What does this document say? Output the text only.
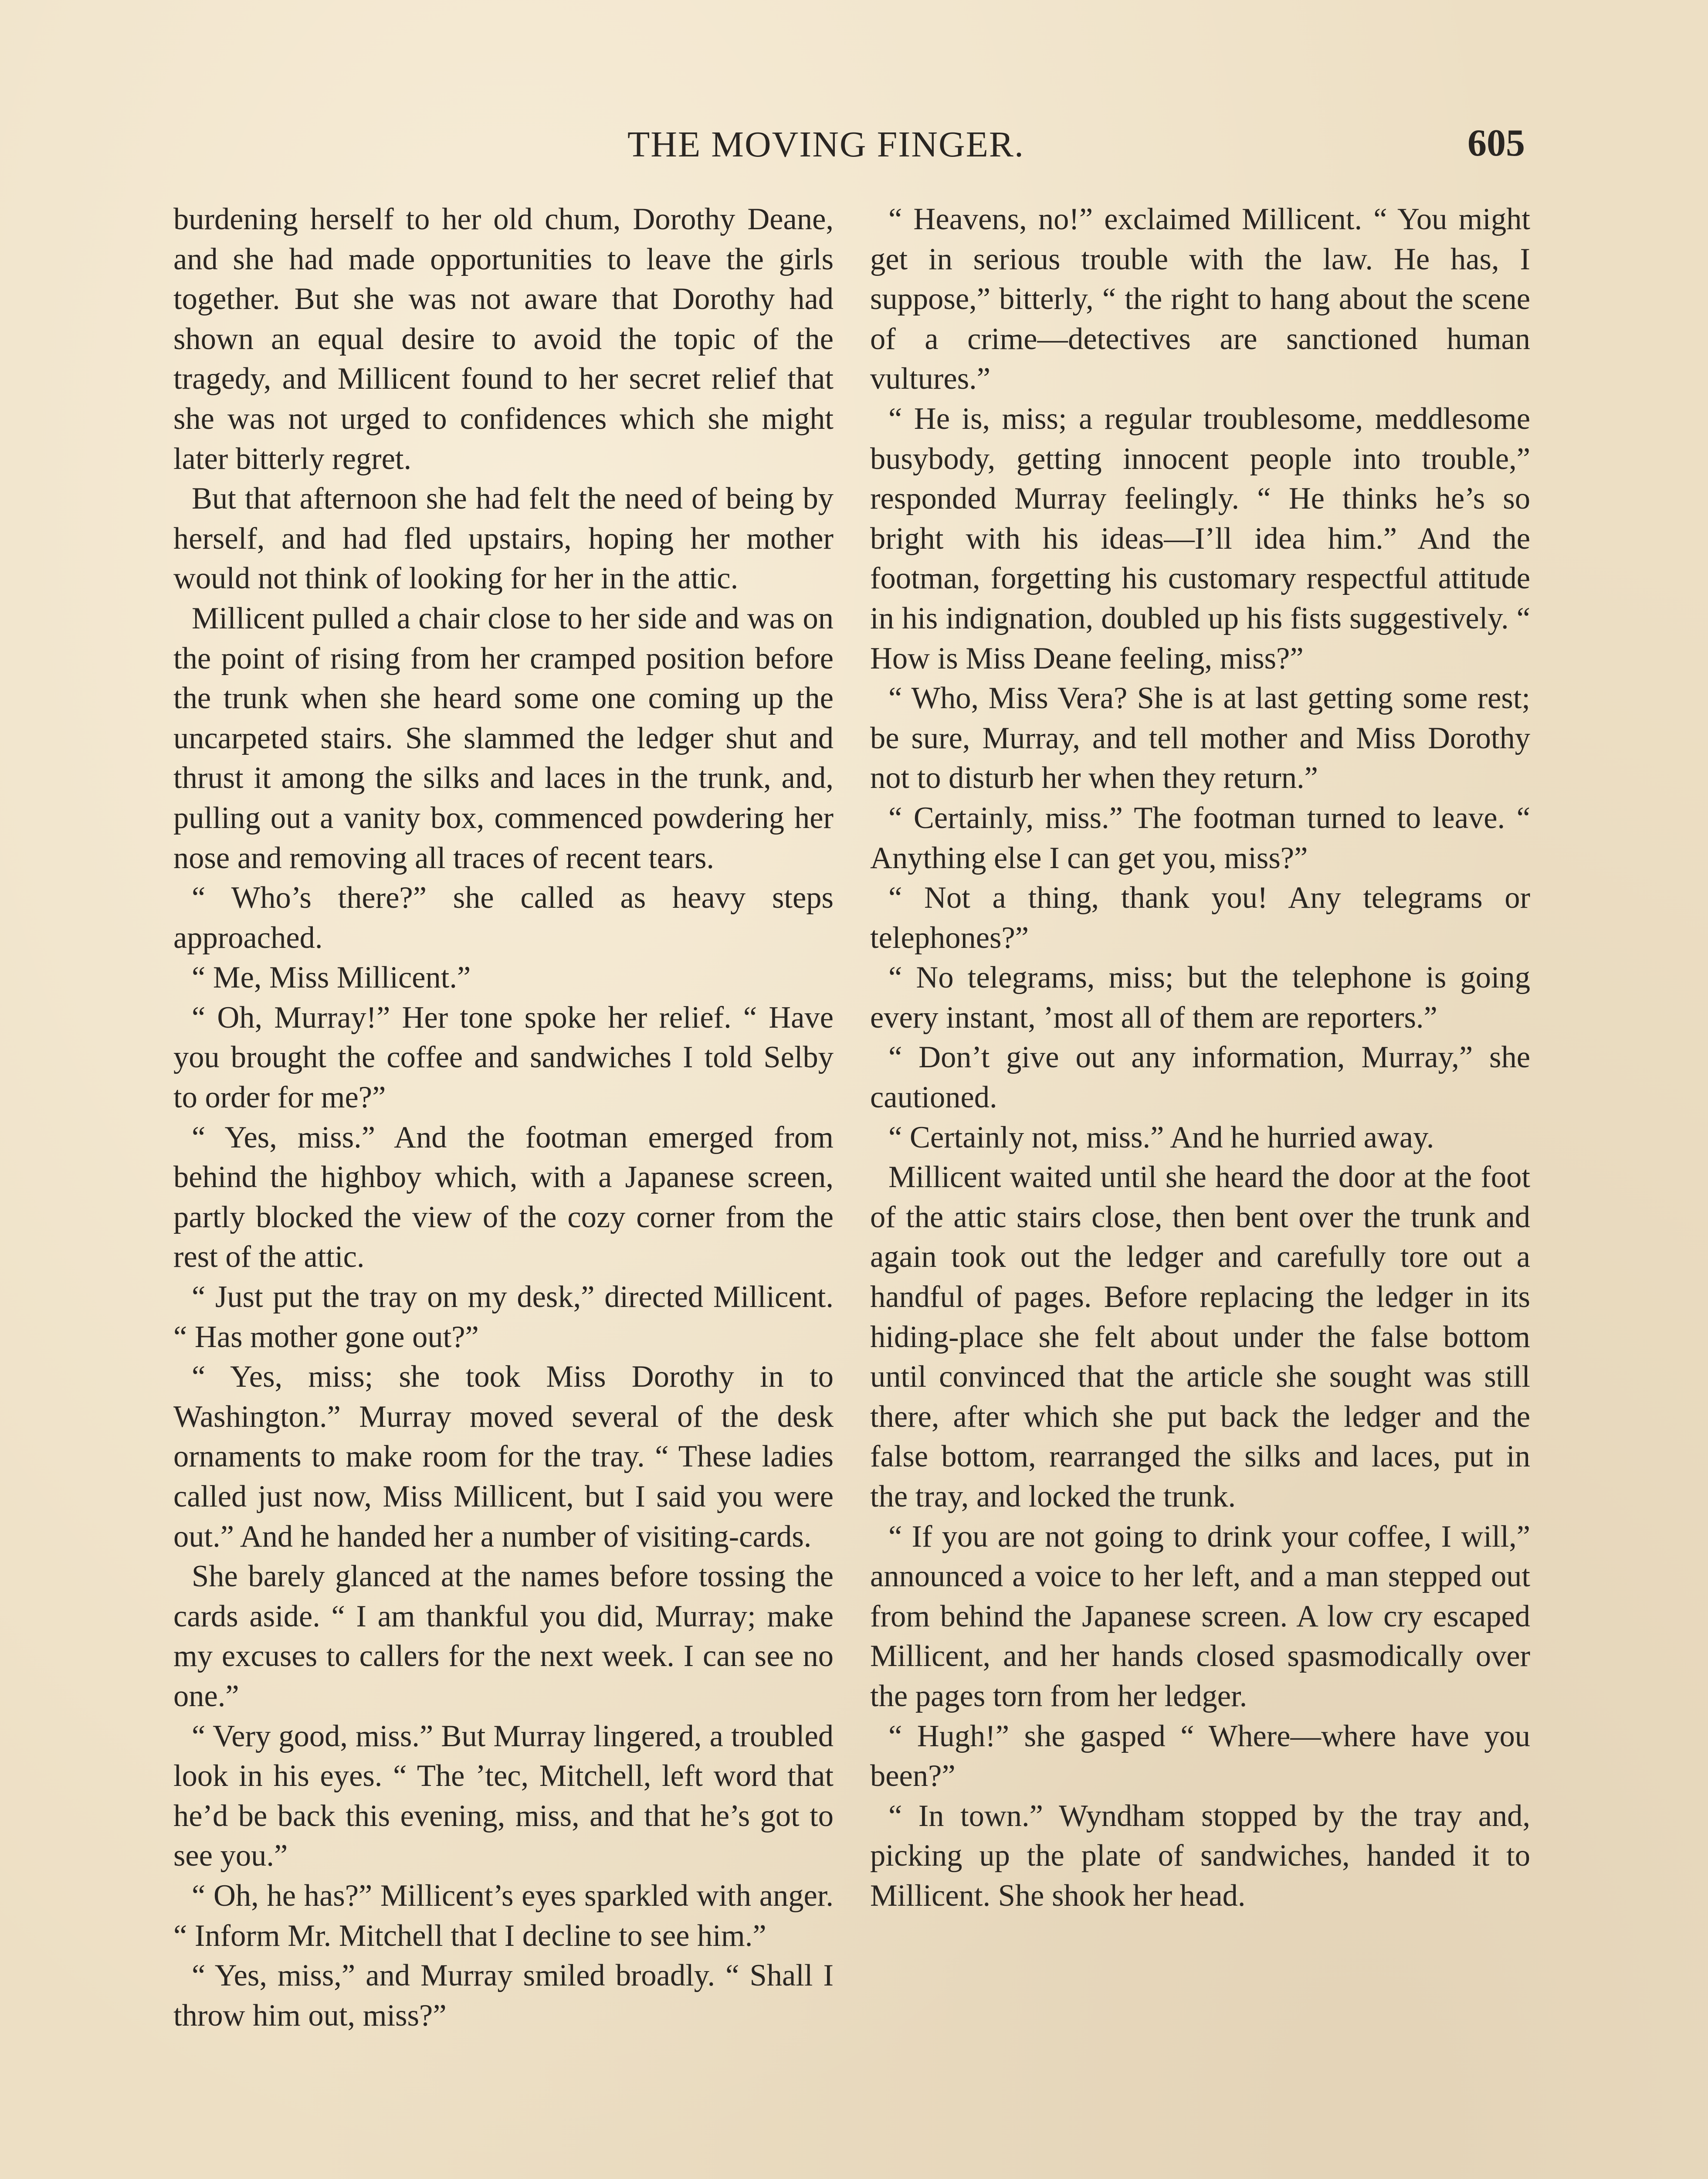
THE MOVING FINGER.	605

burdening herself to her old chum, Dorothy Deane, and she had made opportunities to leave the girls together. But she was not aware that Dorothy had shown an equal desire to avoid the topic of the tragedy, and Millicent found to her secret relief that she was not urged to confidences which she might later bitterly regret.

But that afternoon she had felt the need of being by herself, and had fled upstairs, hoping her mother would not think of looking for her in the attic.

Millicent pulled a chair close to her side and was on the point of rising from her cramped position before the trunk when she heard some one coming up the uncarpeted stairs. She slammed the ledger shut and thrust it among the silks and laces in the trunk, and, pulling out a vanity box, commenced powdering her nose and removing all traces of recent tears.

“ Who’s there?” she called as heavy steps approached.

“ Me, Miss Millicent.”

“ Oh, Murray!” Her tone spoke her relief. “ Have you brought the coffee and sandwiches I told Selby to order for me?”

“ Yes, miss.” And the footman emerged from behind the highboy which, with a Japanese screen, partly blocked the view of the cozy corner from the rest of the attic.

“ Just put the tray on my desk,” directed Millicent. “ Has mother gone out?”

“ Yes, miss; she took Miss Dorothy in to Washington.” Murray moved several of the desk ornaments to make room for the tray. “ These ladies called just now, Miss Millicent, but I said you were out.” And he handed her a number of visiting-cards.

She barely glanced at the names before tossing the cards aside. “ I am thankful you did, Murray; make my excuses to callers for the next week. I can see no one.”

“ Very good, miss.” But Murray lingered, a troubled look in his eyes. “ The ’tec, Mitchell, left word that he’d be back this evening, miss, and that he’s got to see you.”

“ Oh, he has?” Millicent’s eyes sparkled with anger. “ Inform Mr. Mitchell that I decline to see him.”

“ Yes, miss,” and Murray smiled broadly. “ Shall I throw him out, miss?”

“ Heavens, no!” exclaimed Millicent. “ You might get in serious trouble with the law. He has, I suppose,” bitterly, “ the right to hang about the scene of a crime—detectives are sanctioned human vultures.”

“ He is, miss; a regular troublesome, meddlesome busybody, getting innocent people into trouble,” responded Murray feelingly. “ He thinks he’s so bright with his ideas—I’ll idea him.” And the footman, forgetting his customary respectful attitude in his indignation, doubled up his fists suggestively. “ How is Miss Deane feeling, miss?”

“ Who, Miss Vera? She is at last getting some rest; be sure, Murray, and tell mother and Miss Dorothy not to disturb her when they return.”

“ Certainly, miss.” The footman turned to leave. “ Anything else I can get you, miss?”

“ Not a thing, thank you! Any telegrams or telephones?”

“ No telegrams, miss; but the telephone is going every instant, ’most all of them are reporters.”

“ Don’t give out any information, Murray,” she cautioned.

“ Certainly not, miss.” And he hurried away.

Millicent waited until she heard the door at the foot of the attic stairs close, then bent over the trunk and again took out the ledger and carefully tore out a handful of pages. Before replacing the ledger in its hiding-place she felt about under the false bottom until convinced that the article she sought was still there, after which she put back the ledger and the false bottom, rearranged the silks and laces, put in the tray, and locked the trunk.

“ If you are not going to drink your coffee, I will,” announced a voice to her left, and a man stepped out from behind the Japanese screen. A low cry escaped Millicent, and her hands closed spasmodically over the pages torn from her ledger.

“ Hugh!” she gasped “ Where—where have you been?”

“ In town.” Wyndham stopped by the tray and, picking up the plate of sandwiches, handed it to Millicent. She shook her head.
